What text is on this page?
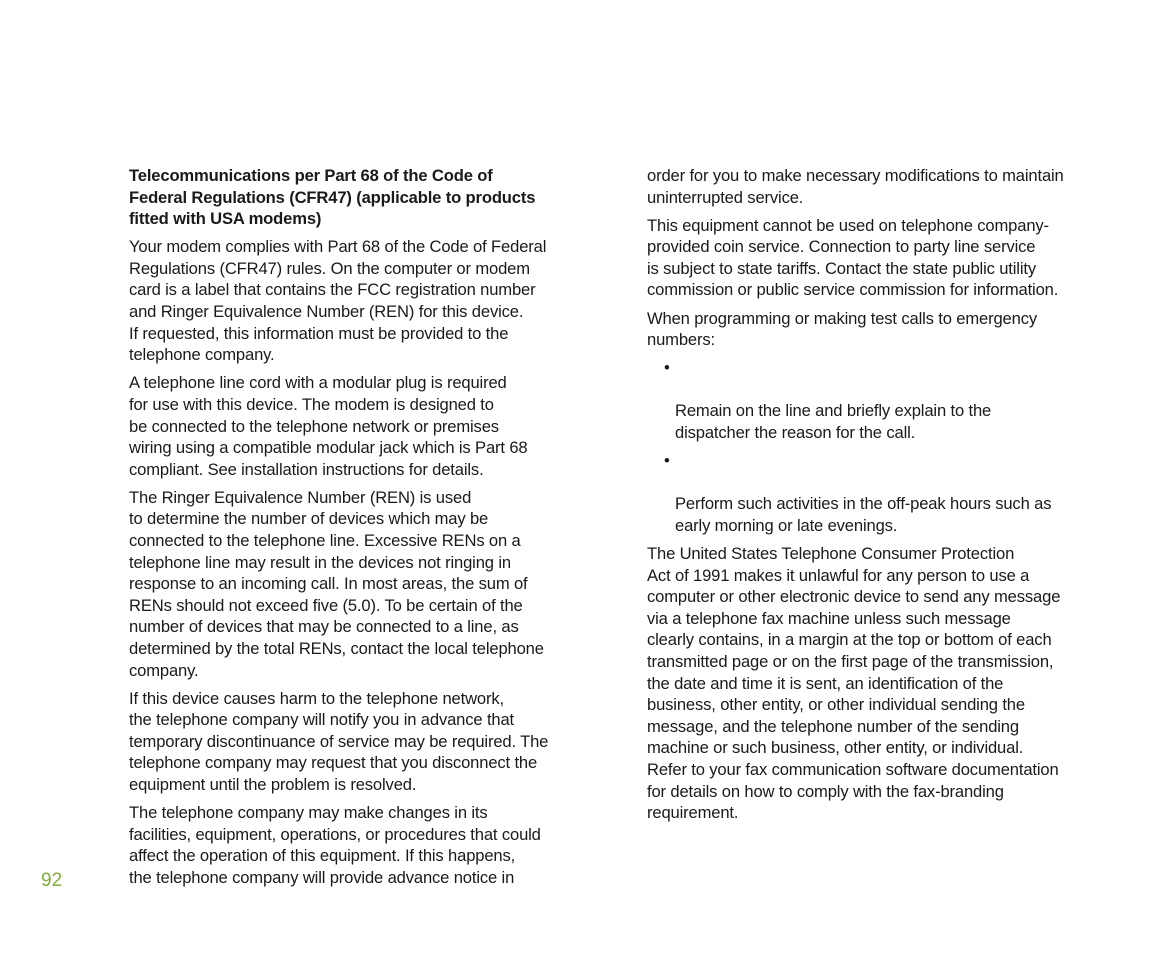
Telecommunications per Part 68 of the Code of
Federal Regulations (CFR47) (applicable to products
fitted with USA modems)

Your modem complies with Part 68 of the Code of Federal
Regulations (CFR47) rules. On the computer or modem
card is a label that contains the FCC registration number
and Ringer Equivalence Number (REN) for this device.
If requested, this information must be provided to the
telephone company.

A telephone line cord with a modular plug is required
for use with this device. The modem is designed to
be connected to the telephone network or premises
wiring using a compatible modular jack which is Part 68
compliant. See installation instructions for details.

The Ringer Equivalence Number (REN) is used
to determine the number of devices which may be
connected to the telephone line. Excessive RENs on a
telephone line may result in the devices not ringing in
response to an incoming call. In most areas, the sum of
RENs should not exceed five (5.0). To be certain of the
number of devices that may be connected to a line, as
determined by the total RENs, contact the local telephone
company.

If this device causes harm to the telephone network,
the telephone company will notify you in advance that
temporary discontinuance of service may be required. The
telephone company may request that you disconnect the
equipment until the problem is resolved.

The telephone company may make changes in its
facilities, equipment, operations, or procedures that could
affect the operation of this equipment. If this happens,
the telephone company will provide advance notice in

order for you to make necessary modifications to maintain
uninterrupted service.

This equipment cannot be used on telephone company-
provided coin service. Connection to party line service
is subject to state tariffs. Contact the state public utility
commission or public service commission for information.

When programming or making test calls to emergency
numbers:

•

Remain on the line and briefly explain to the
dispatcher the reason for the call.

•

Perform such activities in the off-peak hours such as
early morning or late evenings.

The United States Telephone Consumer Protection
Act of 1991 makes it unlawful for any person to use a
computer or other electronic device to send any message
via a telephone fax machine unless such message
clearly contains, in a margin at the top or bottom of each
transmitted page or on the first page of the transmission,
the date and time it is sent, an identification of the
business, other entity, or other individual sending the
message, and the telephone number of the sending
machine or such business, other entity, or individual.
Refer to your fax communication software documentation
for details on how to comply with the fax-branding
requirement.

92
